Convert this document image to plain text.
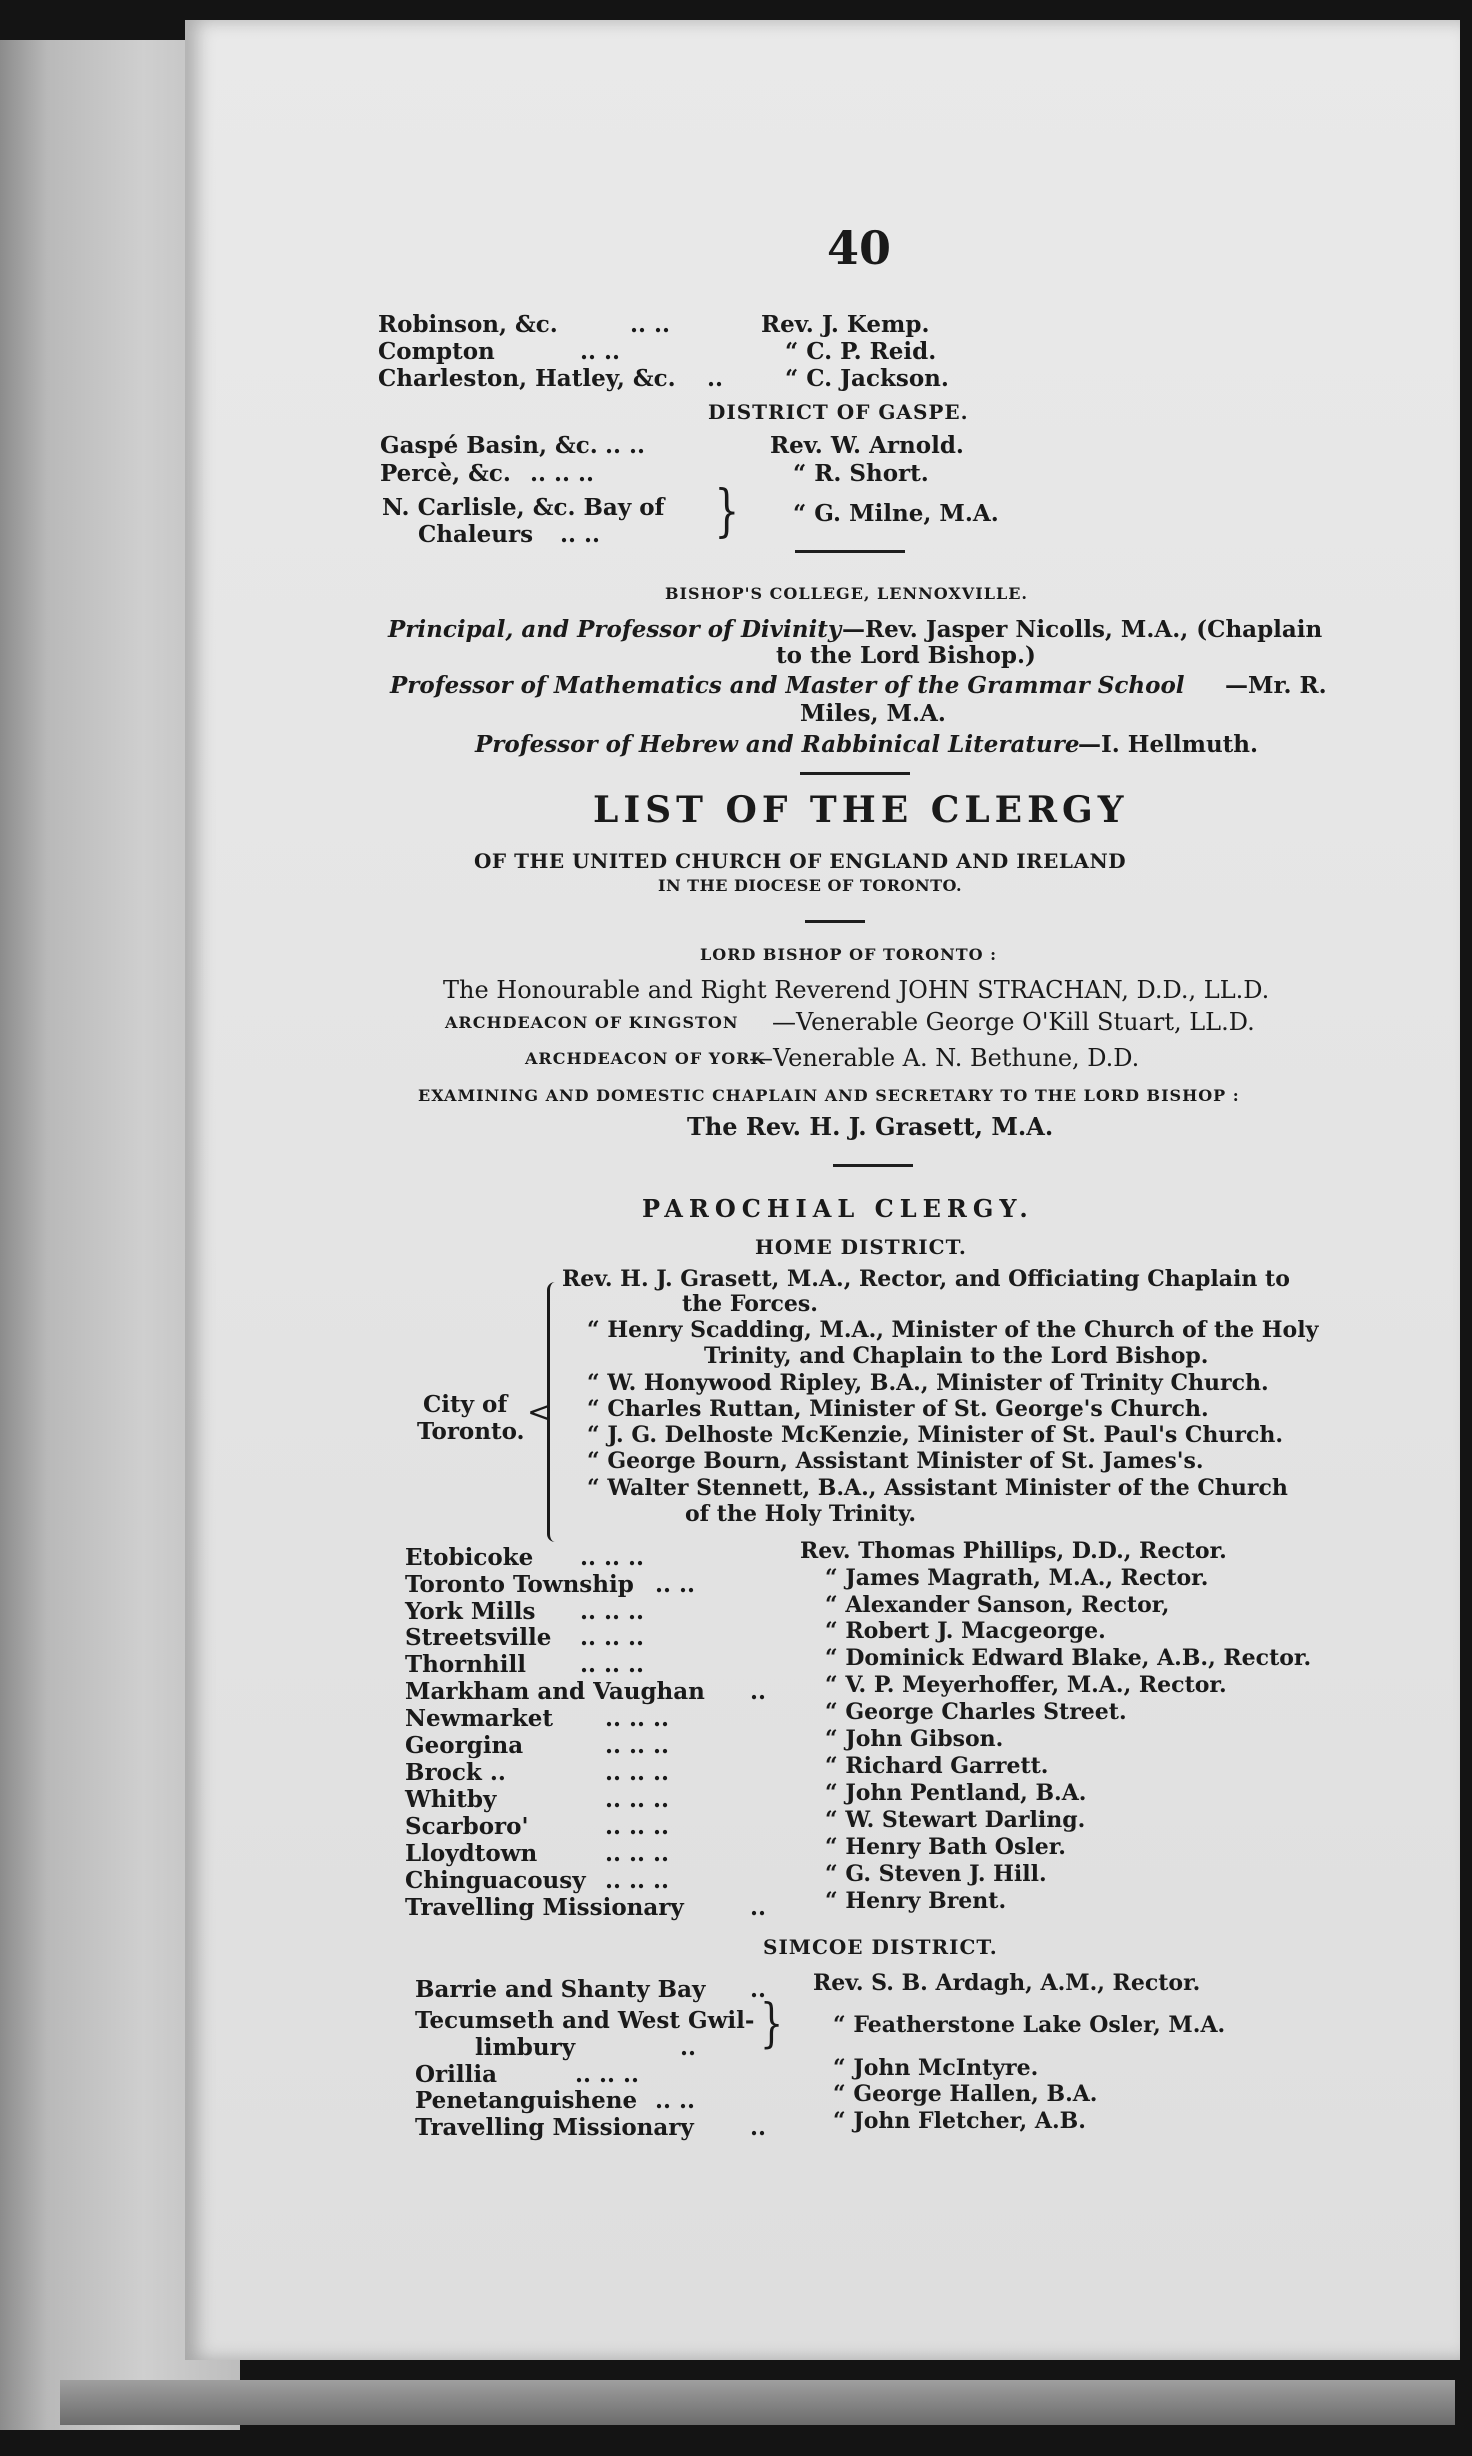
40
Robinson, &c.	.. ..	Rev. J. Kemp.
Compton	.. ..	“ C. P. Reid.
Charleston, Hatley, &c. ..	“ C. Jackson.
DISTRICT OF GASPE.
Gaspé Basin, &c. .. ..	Rev. W. Arnold.
Percè, &c. .. .. ..	“ R. Short.
N. Carlisle, &c. Bay of
Chaleurs .. .. } “ G. Milne, M.A.
BISHOP'S COLLEGE, LENNOXVILLE.
Principal, and Professor of Divinity —Rev. Jasper Nicolls, M.A., (Chaplain
to the Lord Bishop.)
Professor of Mathematics and Master of the Grammar School —Mr. R.
Miles, M.A.
Professor of Hebrew and Rabbinical Literature
—I. Hellmuth.
LIST OF THE CLERGY
OF THE UNITED CHURCH OF ENGLAND AND IRELAND
IN THE DIOCESE OF TORONTO.
LORD BISHOP OF TORONTO :
The Honourable and Right Reverend JOHN STRACHAN, D.D., LL.D.
ARCHDEACON OF KINGSTON —Venerable George O'Kill Stuart, LL.D.
ARCHDEACON OF YORK
—Venerable A. N. Bethune, D.D.
EXAMINING AND DOMESTIC CHAPLAIN AND SECRETARY TO THE LORD BISHOP :
The Rev. H. J. Grasett, M.A.
PAROCHIAL CLERGY.
HOME DISTRICT.
City of
Toronto.
<
Rev. H. J. Grasett, M.A., Rector, and Officiating Chaplain to
the Forces.
“ Henry Scadding, M.A., Minister of the Church of the Holy
Trinity, and Chaplain to the Lord Bishop.
“ W. Honywood Ripley, B.A., Minister of Trinity Church.
“ Charles Ruttan, Minister of St. George's Church.
“ J. G. Delhoste McKenzie, Minister of St. Paul's Church.
“ George Bourn, Assistant Minister of St. James's.
“ Walter Stennett, B.A., Assistant Minister of the Church
of the Holy Trinity.
Etobicoke .. .. ..	Rev. Thomas Phillips, D.D., Rector.
Toronto Township .. ..	“ James Magrath, M.A., Rector.
York Mills .. .. ..	“ Alexander Sanson, Rector,
Streetsville .. .. ..	“ Robert J. Macgeorge.
Thornhill .. .. ..	“ Dominick Edward Blake, A.B., Rector.
Markham and Vaughan ..	“ V. P. Meyerhoffer, M.A., Rector.
Newmarket .. .. ..	“ George Charles Street.
Georgina	.. .. ..	“ John Gibson.
Brock ..	.. .. ..	“ Richard Garrett.
Whitby	.. .. ..	“ John Pentland, B.A.
Scarboro'	.. .. ..	“ W. Stewart Darling.
Lloydtown	.. .. ..	“ Henry Bath Osler.
Chinguacousy .. .. ..	“ G. Steven J. Hill.
Travelling Missionary	..	“ Henry Brent.
SIMCOE DISTRICT.
Barrie and Shanty Bay .. Rev. S. B. Ardagh, A.M., Rector.
Tecumseth and West Gwil-
limbury	.. } “ Featherstone Lake Osler, M.A.
Orillia	.. .. ..	“ John McIntyre.
Penetanguishene .. ..	“ George Hallen, B.A.
Travelling Missionary ..	“ John Fletcher, A.B.
